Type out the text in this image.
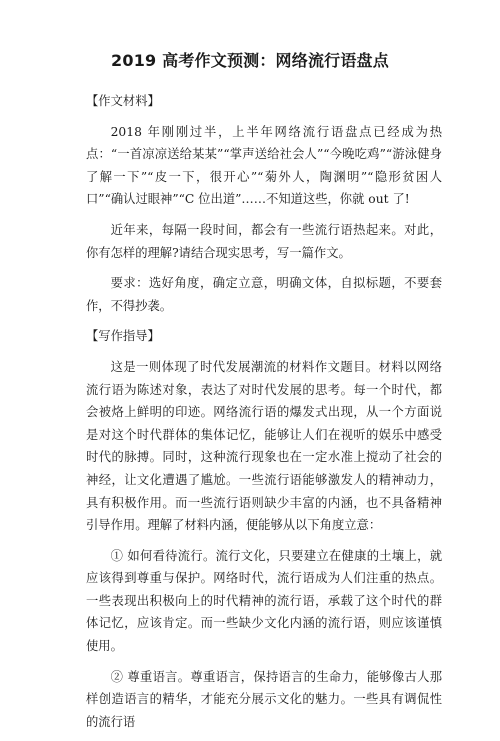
2019 高考作文预测：网络流行语盘点

【作文材料】

2018 年刚刚过半，上半年网络流行语盘点已经成为热点：“一首凉凉送给某某”“掌声送给社会人”“今晚吃鸡”“游泳健身了解一下”“皮一下，很开心”“菊外人，陶渊明”“隐形贫困人口”“确认过眼神”“C 位出道”……不知道这些，你就 out 了!

近年来，每隔一段时间，都会有一些流行语热起来。对此，你有怎样的理解?请结合现实思考，写一篇作文。

要求：选好角度，确定立意，明确文体，自拟标题，不要套作，不得抄袭。

【写作指导】

这是一则体现了时代发展潮流的材料作文题目。材料以网络流行语为陈述对象，表达了对时代发展的思考。每一个时代，都会被烙上鲜明的印迹。网络流行语的爆发式出现，从一个方面说是对这个时代群体的集体记忆，能够让人们在视听的娱乐中感受时代的脉搏。同时，这种流行现象也在一定水准上搅动了社会的神经，让文化遭遇了尴尬。一些流行语能够激发人的精神动力，具有积极作用。而一些流行语则缺少丰富的内涵，也不具备精神引导作用。理解了材料内涵，便能够从以下角度立意：

① 如何看待流行。流行文化，只要建立在健康的土壤上，就应该得到尊重与保护。网络时代，流行语成为人们注重的热点。一些表现出积极向上的时代精神的流行语，承载了这个时代的群体记忆，应该肯定。而一些缺少文化内涵的流行语，则应该谨慎使用。

② 尊重语言。尊重语言，保持语言的生命力，能够像古人那样创造语言的精华，才能充分展示文化的魅力。一些具有调侃性的流行语
